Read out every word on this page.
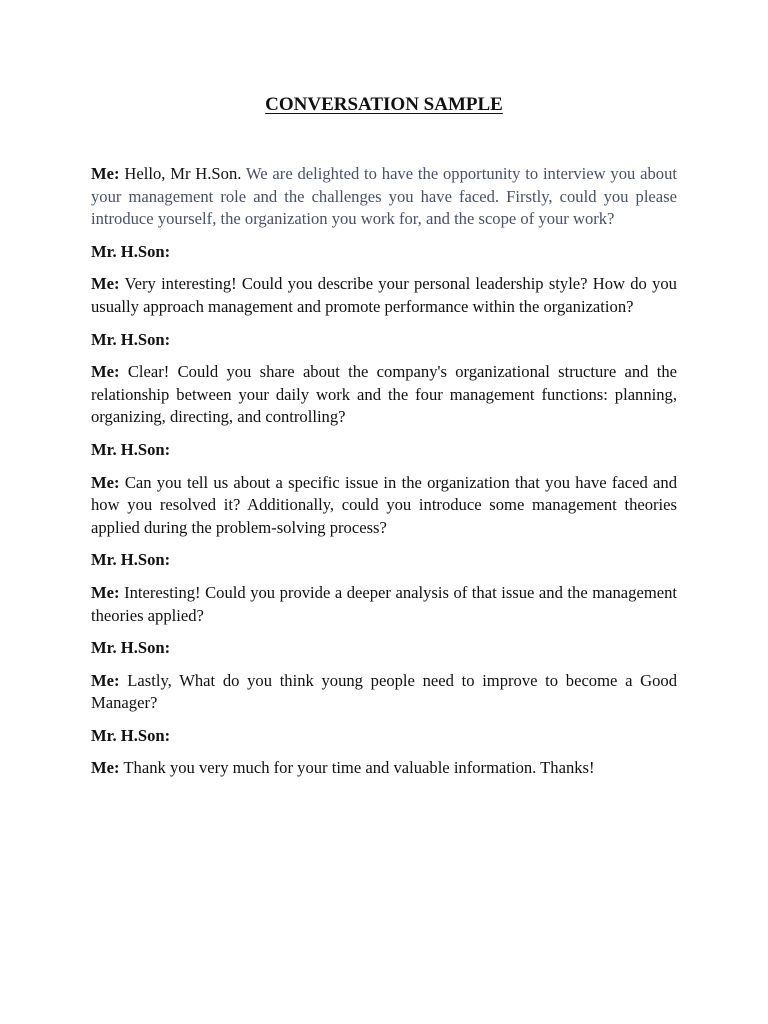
CONVERSATION SAMPLE

Me: Hello, Mr H.Son. We are delighted to have the opportunity to interview you about your management role and the challenges you have faced. Firstly, could you please introduce yourself, the organization you work for, and the scope of your work?

Mr. H.Son:

Me: Very interesting! Could you describe your personal leadership style? How do you usually approach management and promote performance within the organization?

Mr. H.Son:

Me: Clear! Could you share about the company's organizational structure and the relationship between your daily work and the four management functions: planning, organizing, directing, and controlling?

Mr. H.Son:

Me: Can you tell us about a specific issue in the organization that you have faced and how you resolved it? Additionally, could you introduce some management theories applied during the problem-solving process?

Mr. H.Son:

Me: Interesting! Could you provide a deeper analysis of that issue and the management theories applied?

Mr. H.Son:

Me: Lastly, What do you think young people need to improve to become a Good Manager?

Mr. H.Son:

Me: Thank you very much for your time and valuable information. Thanks!
